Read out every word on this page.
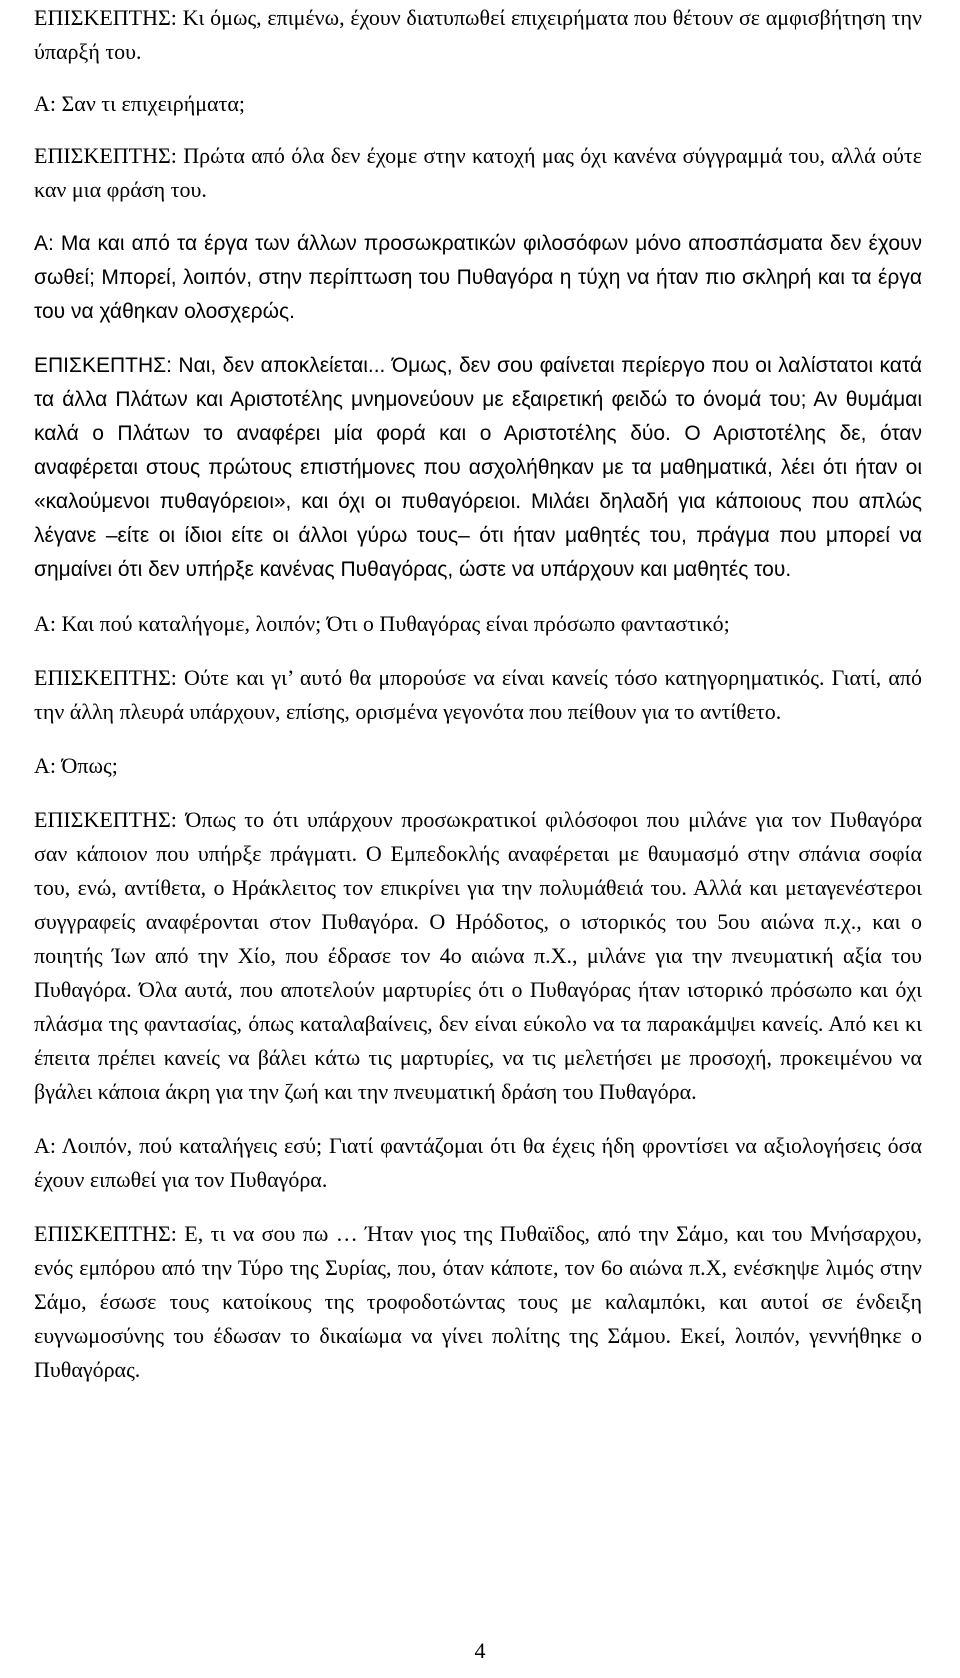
ΕΠΙΣΚΕΠΤΗΣ: Κι όμως, επιμένω, έχουν διατυπωθεί επιχειρήματα που θέτουν σε αμφισβήτηση την ύπαρξή του.

Α: Σαν τι επιχειρήματα;

ΕΠΙΣΚΕΠΤΗΣ: Πρώτα από όλα δεν έχομε στην κατοχή μας όχι κανένα σύγγραμμά του, αλλά ούτε καν μια φράση του.

Α: Μα και από τα έργα των άλλων προσωκρατικών φιλοσόφων μόνο αποσπάσματα δεν έχουν σωθεί; Μπορεί, λοιπόν, στην περίπτωση του Πυθαγόρα η τύχη να ήταν πιο σκληρή και τα έργα του να χάθηκαν ολοσχερώς.

ΕΠΙΣΚΕΠΤΗΣ: Ναι, δεν αποκλείεται... Όμως, δεν σου φαίνεται περίεργο που οι λαλίστατοι κατά τα άλλα Πλάτων και Αριστοτέλης μνημονεύουν με εξαιρετική φειδώ το όνομά του; Αν θυμάμαι καλά ο Πλάτων το αναφέρει μία φορά και ο Αριστοτέλης δύο. Ο Αριστοτέλης δε, όταν αναφέρεται στους πρώτους επιστήμονες που ασχολήθηκαν με τα μαθηματικά, λέει ότι ήταν οι «καλούμενοι πυθαγόρειοι», και όχι οι πυθαγόρειοι. Μιλάει δηλαδή για κάποιους που απλώς λέγανε –είτε οι ίδιοι είτε οι άλλοι γύρω τους– ότι ήταν μαθητές του, πράγμα που μπορεί να σημαίνει ότι δεν υπήρξε κανένας Πυθαγόρας, ώστε να υπάρχουν και μαθητές του.

Α: Και πού καταλήγομε, λοιπόν; Ότι ο Πυθαγόρας είναι πρόσωπο φανταστικό;

ΕΠΙΣΚΕΠΤΗΣ: Ούτε και γι’ αυτό θα μπορούσε να είναι κανείς τόσο κατηγορηματικός. Γιατί, από την άλλη πλευρά υπάρχουν, επίσης, ορισμένα γεγονότα που πείθουν για το αντίθετο.

Α: Όπως;

ΕΠΙΣΚΕΠΤΗΣ: Όπως το ότι υπάρχουν προσωκρατικοί φιλόσοφοι που μιλάνε για τον Πυθαγόρα σαν κάποιον που υπήρξε πράγματι. Ο Εμπεδοκλής αναφέρεται με θαυμασμό στην σπάνια σοφία του, ενώ, αντίθετα, ο Ηράκλειτος τον επικρίνει για την πολυμάθειά του. Αλλά και μεταγενέστεροι συγγραφείς αναφέρονται στον Πυθαγόρα. Ο Ηρόδοτος, ο ιστορικός του 5ου αιώνα π.χ., και ο ποιητής Ίων από την Χίο, που έδρασε τον 4ο αιώνα π.Χ., μιλάνε για την πνευματική αξία του Πυθαγόρα. Όλα αυτά, που αποτελούν μαρτυρίες ότι ο Πυθαγόρας ήταν ιστορικό πρόσωπο και όχι πλάσμα της φαντασίας, όπως καταλαβαίνεις, δεν είναι εύκολο να τα παρακάμψει κανείς. Από κει κι έπειτα πρέπει κανείς να βάλει κάτω τις μαρτυρίες, να τις μελετήσει με προσοχή, προκειμένου να βγάλει κάποια άκρη για την ζωή και την πνευματική δράση του Πυθαγόρα.

Α: Λοιπόν, πού καταλήγεις εσύ; Γιατί φαντάζομαι ότι θα έχεις ήδη φροντίσει να αξιολογήσεις όσα έχουν ειπωθεί για τον Πυθαγόρα.

ΕΠΙΣΚΕΠΤΗΣ: Ε, τι να σου πω … Ήταν γιος της Πυθαϊδος, από την Σάμο, και του Μνήσαρχου, ενός εμπόρου από την Τύρο της Συρίας, που, όταν κάποτε, τον 6ο αιώνα π.Χ, ενέσκηψε λιμός στην Σάμο, έσωσε τους κατοίκους της τροφοδοτώντας τους με καλαμπόκι, και αυτοί σε ένδειξη ευγνωμοσύνης του έδωσαν το δικαίωμα να γίνει πολίτης της Σάμου. Εκεί, λοιπόν, γεννήθηκε ο Πυθαγόρας.

4
